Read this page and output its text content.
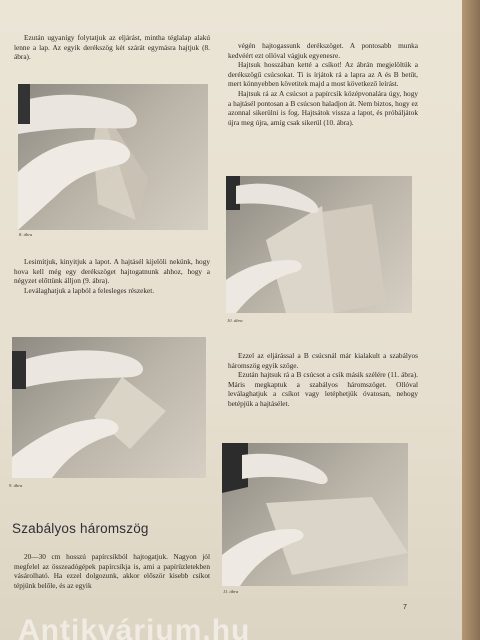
Ezután ugyanígy folytatjuk az eljárást, mintha téglalap alakú lenne a lap. Az egyik derékszög két szárát egymásra hajtjuk (8. ábra).

8. ábra

Lesimítjuk, kinyitjuk a lapot. A hajtásél kijelöli nekünk, hogy hova kell még egy derékszöget hajtogatnunk ahhoz, hogy a négyzet előttünk álljon (9. ábra).

Leválaghatjuk a lapból a felesleges részeket.

9. ábra
Szabályos háromszög

20—30 cm hosszú papírcsíkból hajtogatjuk. Nagyon jól megfelel az összeadógépek papírcsíkja is, ami a papírüzletekben vásárolható. Ha ezzel dolgozunk, akkor először kisebb csíkot tépjünk belőle, és az egyik

végén hajtogassunk derékszöget. A pontosabb munka kedvéért ezt ollóval vágjuk egyenesre.

Hajtsuk hosszában ketté a csíkot! Az ábrán megjelöltük a derékszögű csúcsokat. Ti is írjátok rá a lapra az A és B betűt, mert könnyebben követitek majd a most következő leírást.

Hajtsuk rá az A csúcsot a papírcsík középvonalára úgy, hogy a hajtásél pontosan a B csúcson haladjon át. Nem biztos, hogy ez azonnal sikerülni is fog. Hajtsátok vissza a lapot, és próbáljátok újra meg újra, amíg csak sikerül (10. ábra).

10. ábra

Ezzel az eljárással a B csúcsnál már kialakult a szabályos háromszög egyik szöge.

Ezután hajtsuk rá a B csúcsot a csík másik szélére (11. ábra). Máris megkaptuk a szabályos háromszöget. Ollóval leválaghatjuk a csíkot vagy letéphetjük óvatosan, nehogy betépjük a hajtásélet.

11. ábra
7
Antikvárium.hu
